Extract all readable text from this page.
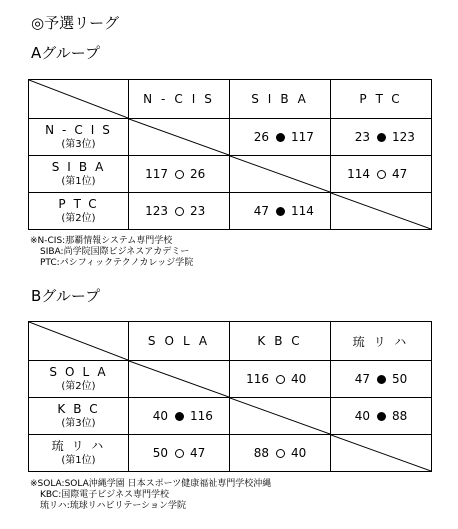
◎予選リーグ
Aグループ
	N-CIS	SIBA	PTC

N-CIS
(第3位)		26 117	23 123

SIBA
(第1位)	117 26		114 47

PTC
(第2位)	123 23	47 114

※N-CIS:那覇情報システム専門学校
SIBA:尚学院国際ビジネスアカデミー
PTC:パシフィックテクノカレッジ学院
Bグループ
	SOLA	KBC	琉リハ

SOLA
(第2位)		116 40	47 50

KBC
(第3位)	40 116		40 88

琉リハ
(第1位)	50 47	88 40

※SOLA:SOLA沖縄学園 日本スポーツ健康福祉専門学校沖縄
KBC:国際電子ビジネス専門学校
琉リハ:琉球リハビリテーション学院
